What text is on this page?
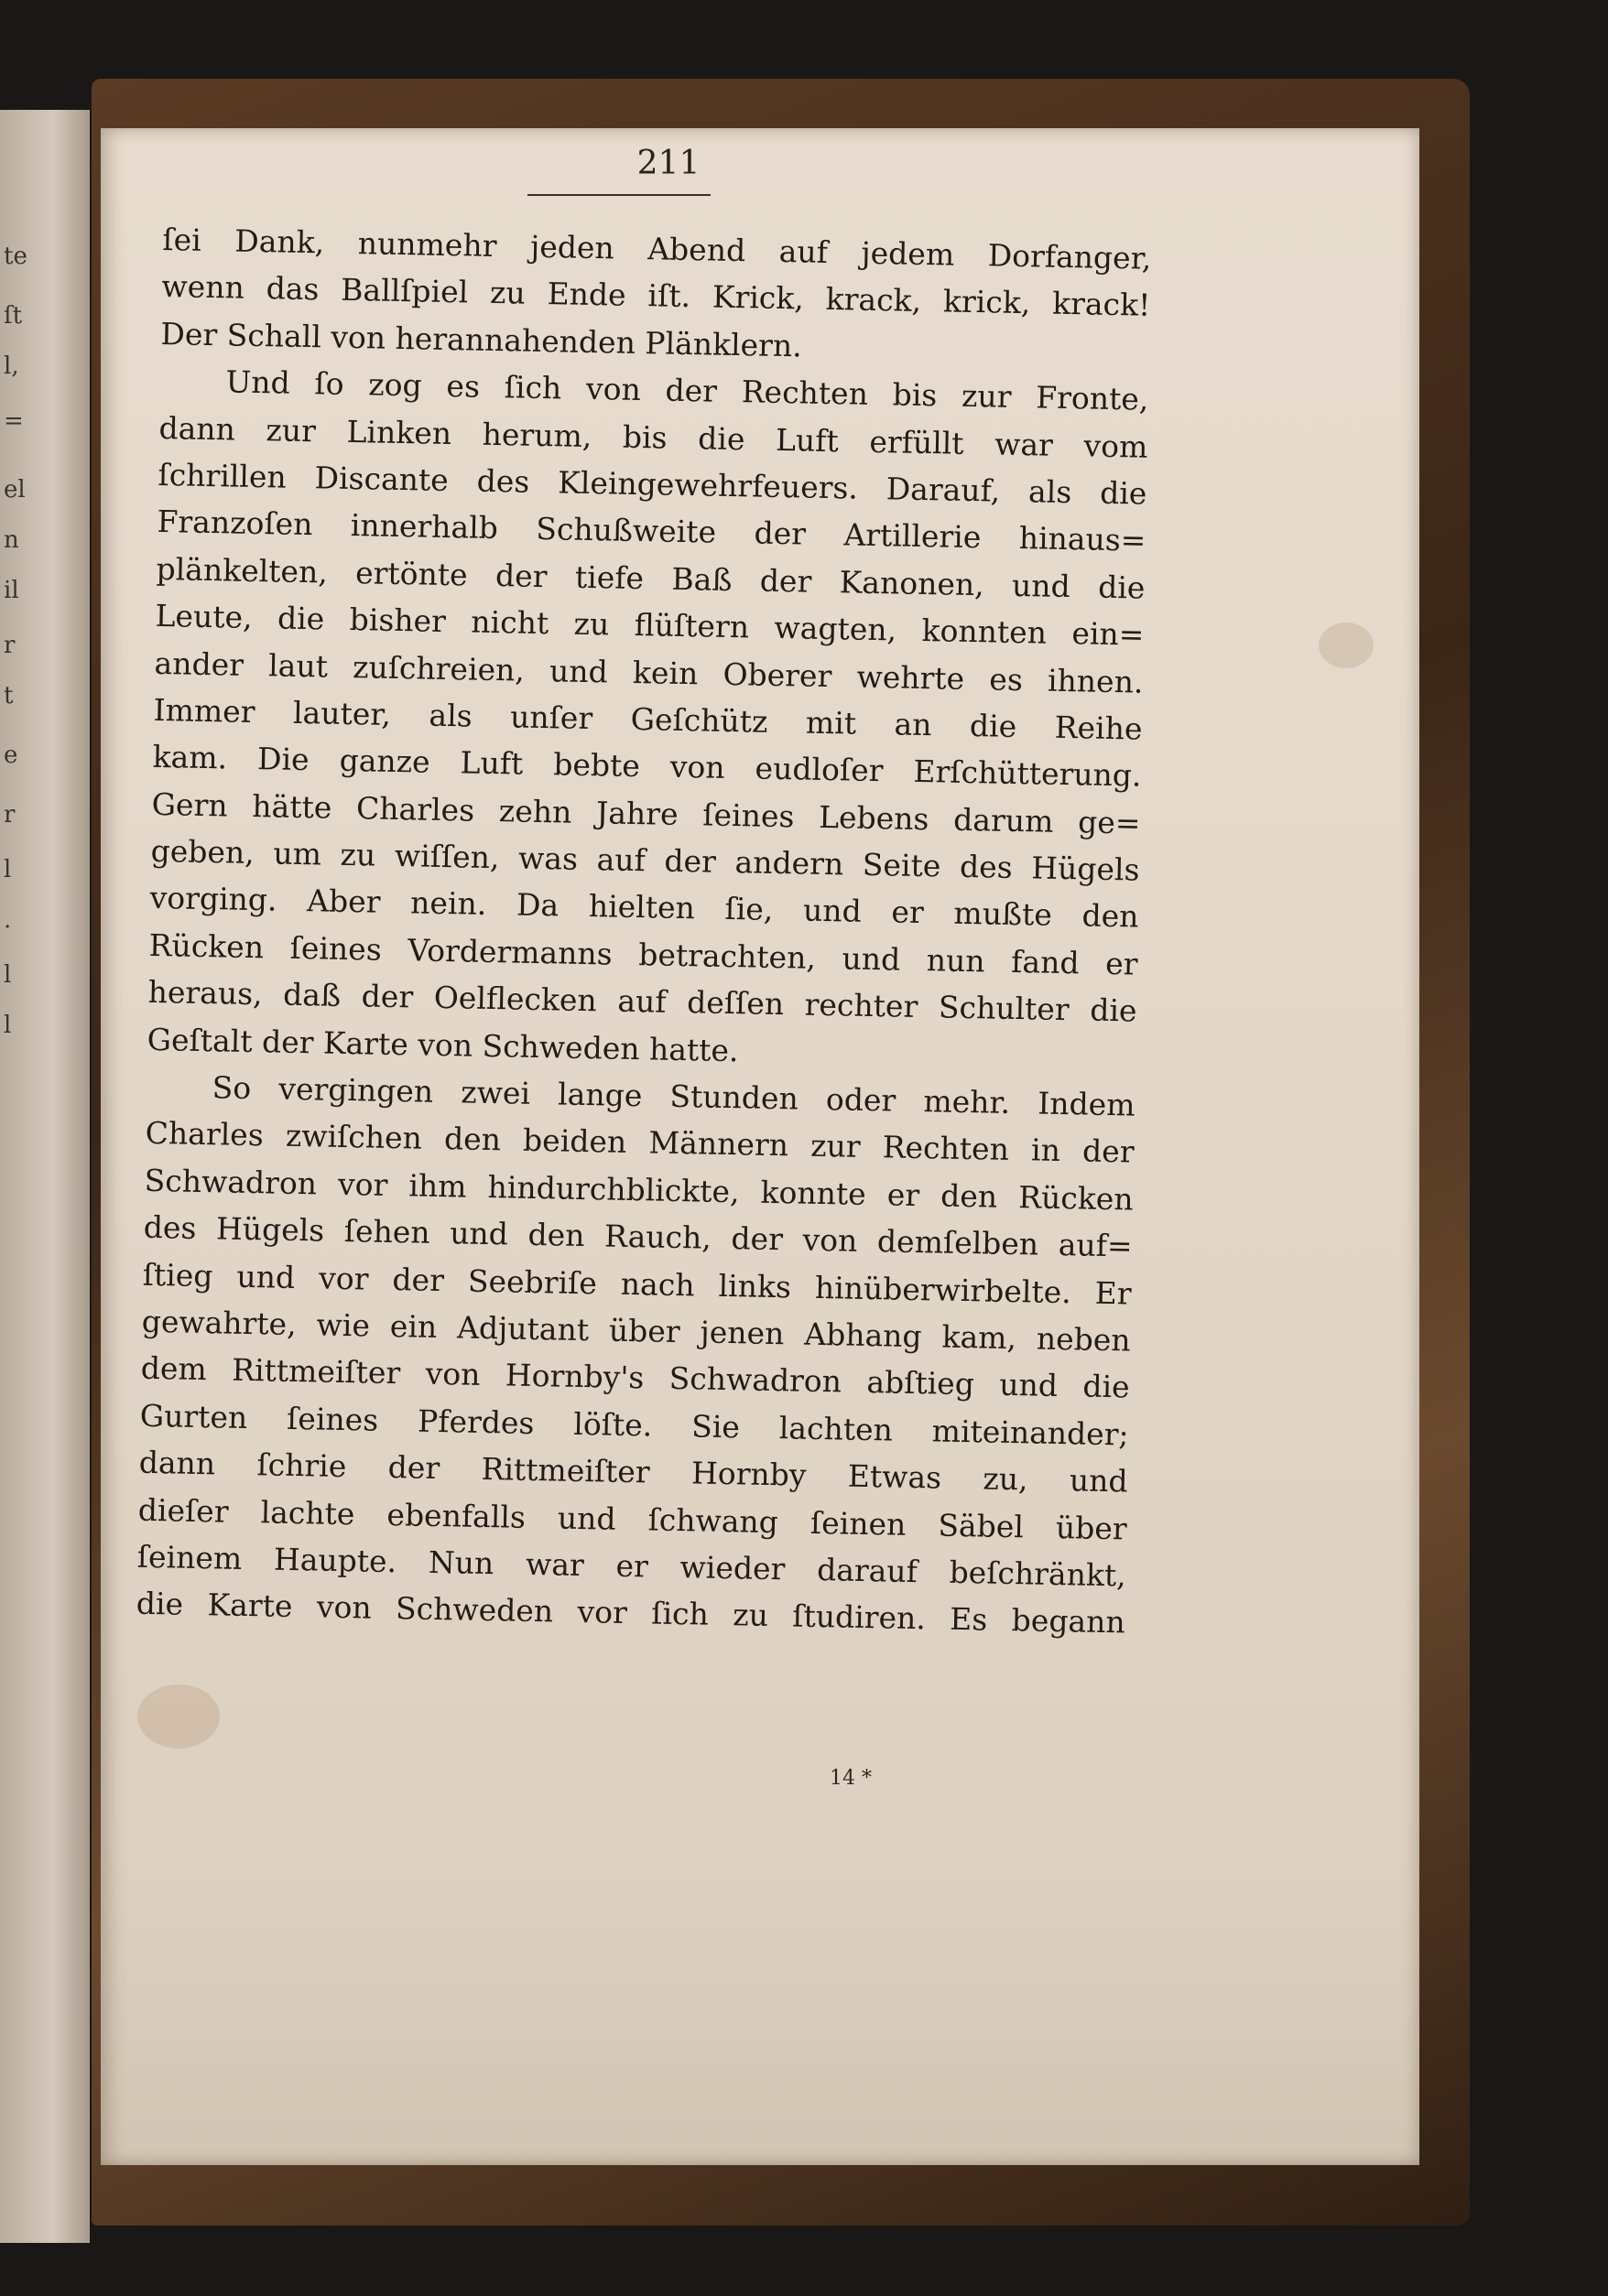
te
ſt
l,
=
el
n
il
r
t
e
r
l
.
l
l
211
ſei Dank, nunmehr jeden Abend auf jedem Dorfanger,
wenn das Ballſpiel zu Ende iſt. Krick, krack, krick, krack!
Der Schall von herannahenden Plänklern.
Und ſo zog es ſich von der Rechten bis zur Fronte,
dann zur Linken herum, bis die Luft erfüllt war vom
ſchrillen Discante des Kleingewehrfeuers. Darauf, als die
Franzoſen innerhalb Schußweite der Artillerie hinaus=
plänkelten, ertönte der tiefe Baß der Kanonen, und die
Leute, die bisher nicht zu flüſtern wagten, konnten ein=
ander laut zuſchreien, und kein Oberer wehrte es ihnen.
Immer lauter, als unſer Geſchütz mit an die Reihe
kam. Die ganze Luft bebte von eudloſer Erſchütterung.
Gern hätte Charles zehn Jahre ſeines Lebens darum ge=
geben, um zu wiſſen, was auf der andern Seite des Hügels
vorging. Aber nein. Da hielten ſie, und er mußte den
Rücken ſeines Vordermanns betrachten, und nun fand er
heraus, daß der Oelflecken auf deſſen rechter Schulter die
Geſtalt der Karte von Schweden hatte.
So vergingen zwei lange Stunden oder mehr. Indem
Charles zwiſchen den beiden Männern zur Rechten in der
Schwadron vor ihm hindurchblickte, konnte er den Rücken
des Hügels ſehen und den Rauch, der von demſelben auf=
ſtieg und vor der Seebriſe nach links hinüberwirbelte. Er
gewahrte, wie ein Adjutant über jenen Abhang kam, neben
dem Rittmeiſter von Hornby's Schwadron abſtieg und die
Gurten ſeines Pferdes löſte. Sie lachten miteinander;
dann ſchrie der Rittmeiſter Hornby Etwas zu, und
dieſer lachte ebenfalls und ſchwang ſeinen Säbel über
ſeinem Haupte. Nun war er wieder darauf beſchränkt,
die Karte von Schweden vor ſich zu ſtudiren. Es begann
14 *
